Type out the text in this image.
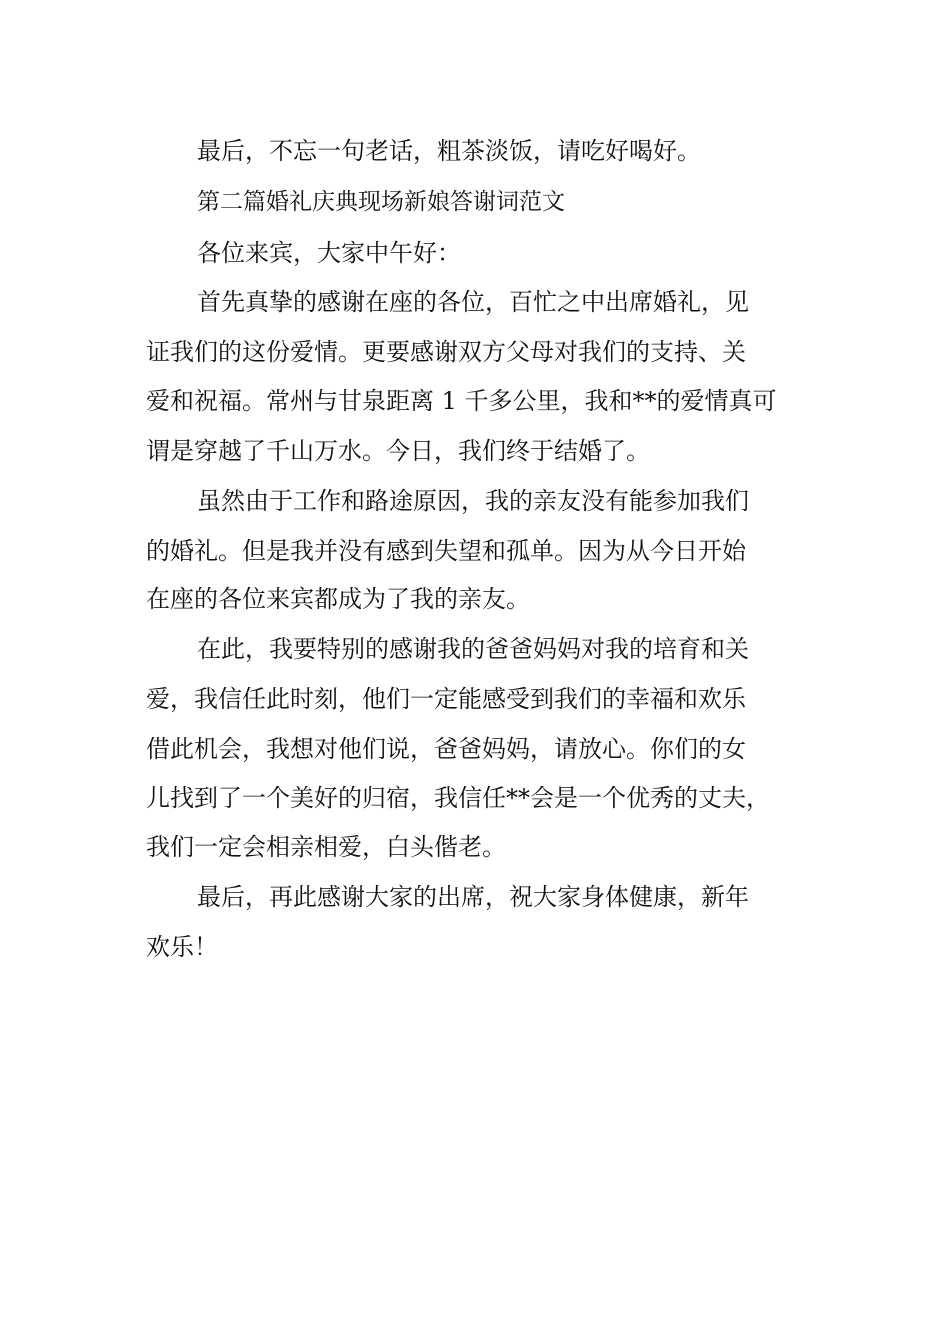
最后，不忘一句老话，粗茶淡饭，请吃好喝好。

第二篇婚礼庆典现场新娘答谢词范文

各位来宾，大家中午好：

首先真挚的感谢在座的各位，百忙之中出席婚礼，见

证我们的这份爱情。更要感谢双方父母对我们的支持、关

爱和祝福。常州与甘泉距离 1 千多公里，我和**的爱情真可

谓是穿越了千山万水。今日，我们终于结婚了。

虽然由于工作和路途原因，我的亲友没有能参加我们

的婚礼。但是我并没有感到失望和孤单。因为从今日开始

在座的各位来宾都成为了我的亲友。

在此，我要特别的感谢我的爸爸妈妈对我的培育和关

爱，我信任此时刻，他们一定能感受到我们的幸福和欢乐

借此机会，我想对他们说，爸爸妈妈，请放心。你们的女

儿找到了一个美好的归宿，我信任**会是一个优秀的丈夫，

我们一定会相亲相爱，白头偕老。

最后，再此感谢大家的出席，祝大家身体健康，新年

欢乐！
